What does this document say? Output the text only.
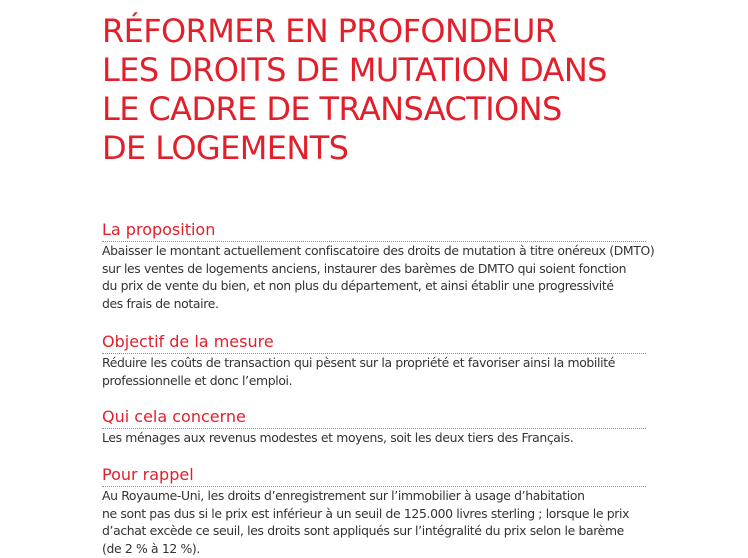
RÉFORMER EN PROFONDEUR
LES DROITS DE MUTATION DANS
LE CADRE DE TRANSACTIONS
DE LOGEMENTS
La proposition

Abaisser le montant actuellement confiscatoire des droits de mutation à titre onéreux (DMTO)
sur les ventes de logements anciens, instaurer des barèmes de DMTO qui soient fonction
du prix de vente du bien, et non plus du département, et ainsi établir une progressivité
des frais de notaire.

Objectif de la mesure

Réduire les coûts de transaction qui pèsent sur la propriété et favoriser ainsi la mobilité
professionnelle et donc l’emploi.

Qui cela concerne

Les ménages aux revenus modestes et moyens, soit les deux tiers des Français.

Pour rappel

Au Royaume-Uni, les droits d’enregistrement sur l’immobilier à usage d’habitation
ne sont pas dus si le prix est inférieur à un seuil de 125.000 livres sterling ; lorsque le prix
d’achat excède ce seuil, les droits sont appliqués sur l’intégralité du prix selon le barème
(de 2 % à 12 %).
